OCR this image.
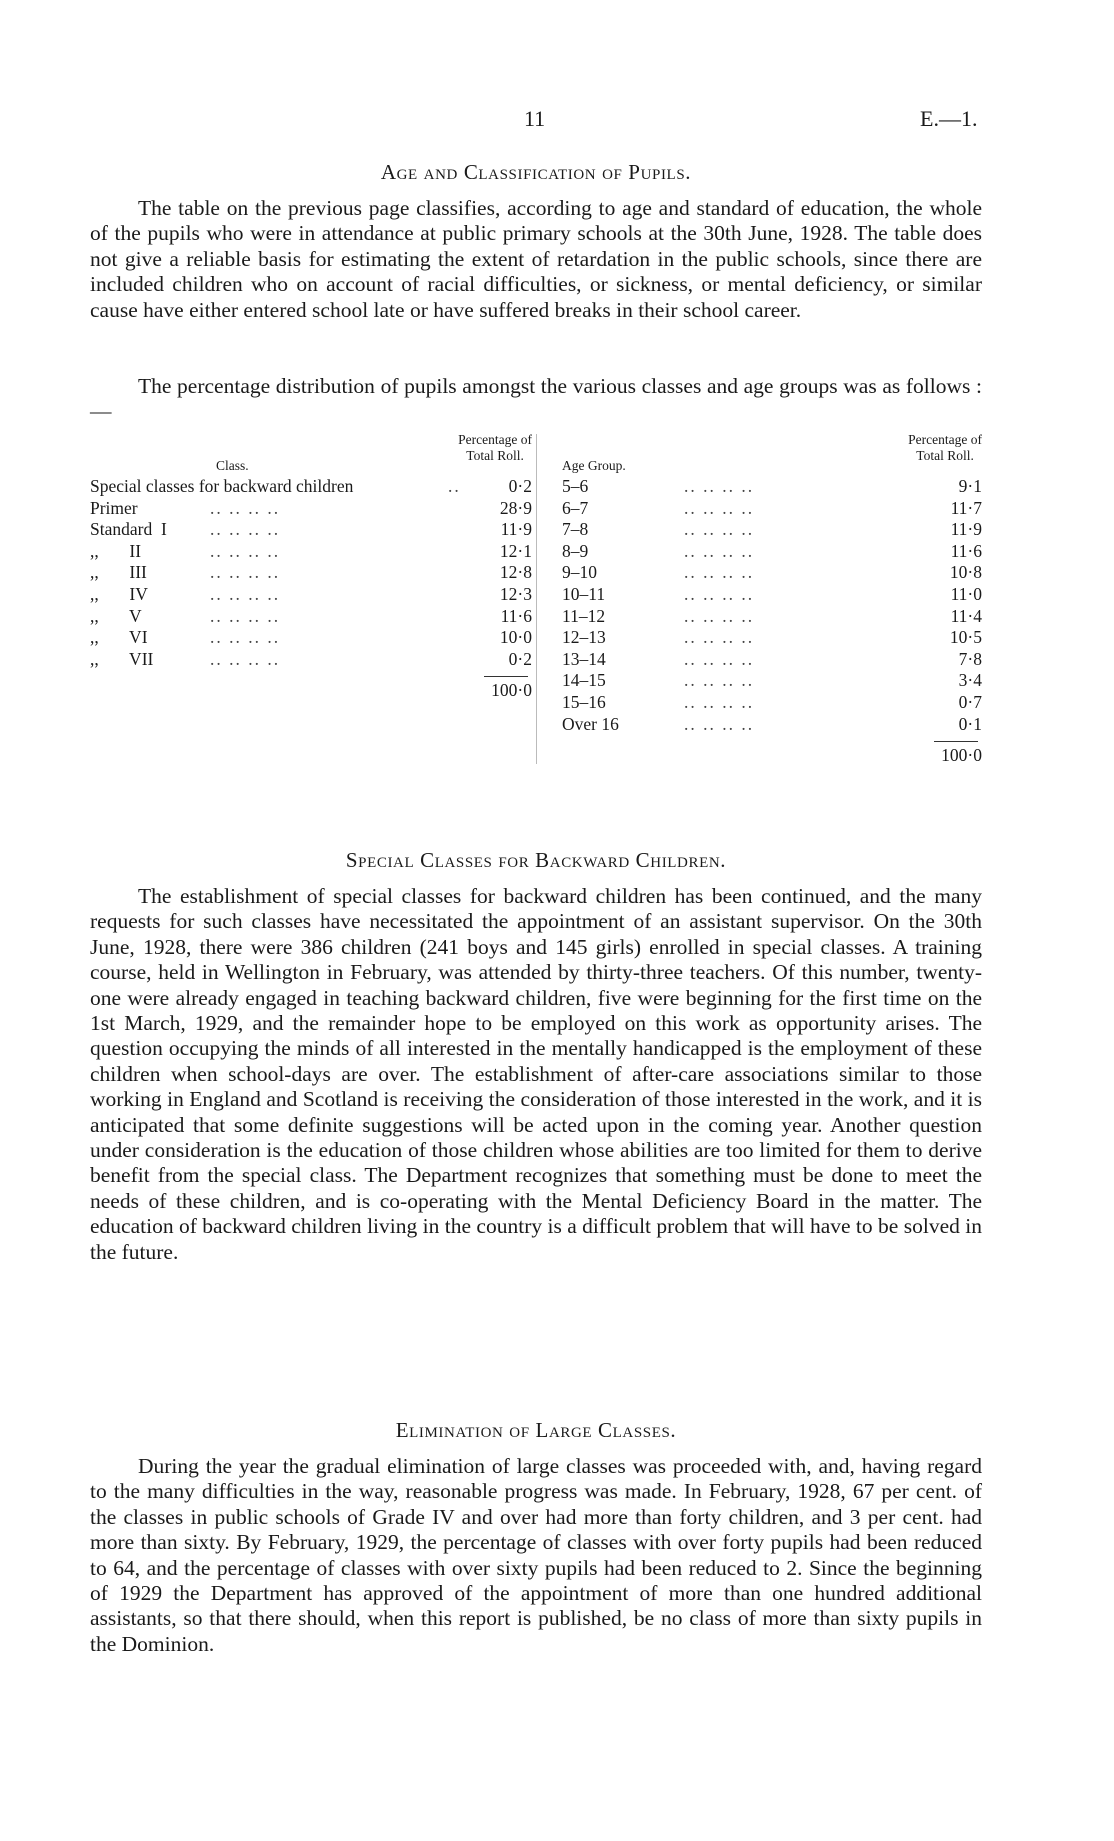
11	E.—1.
Age and Classification of Pupils.

The table on the previous page classifies, according to age and standard of education, the whole of the pupils who were in attendance at public primary schools at the 30th June, 1928. The table does not give a reliable basis for estimating the extent of retardation in the public schools, since there are included children who on account of racial difficulties, or sickness, or mental deficiency, or similar cause have either entered school late or have suffered breaks in their school career.

The percentage distribution of pupils amongst the various classes and age groups was as follows :—

Class.
Percentage of
Total Roll.
Special classes for backward children	..	0·2
Primer	.. .. .. ..	28·9
Standard  I .. .. .. ..	11·9
,,       II	.. .. .. ..	12·1
,,       III	.. .. .. ..	12·8
,,       IV	.. .. .. ..	12·3
,,       V	.. .. .. ..	11·6
,,       VI	.. .. .. ..	10·0
,,       VII	.. .. .. ..	0·2
100·0
Age Group.
Percentage of
Total Roll.
5–6	.. .. .. ..	9·1
6–7	.. .. .. ..	11·7
7–8	.. .. .. ..	11·9
8–9	.. .. .. ..	11·6
9–10	.. .. .. ..	10·8
10–11	.. .. .. ..	11·0
11–12	.. .. .. ..	11·4
12–13	.. .. .. ..	10·5
13–14	.. .. .. ..	7·8
14–15	.. .. .. ..	3·4
15–16	.. .. .. ..	0·7
Over 16	.. .. .. ..	0·1
100·0
Special Classes for Backward Children.

The establishment of special classes for backward children has been continued, and the many requests for such classes have necessitated the appointment of an assistant supervisor. On the 30th June, 1928, there were 386 children (241 boys and 145 girls) enrolled in special classes. A training course, held in Wellington in February, was attended by thirty-three teachers. Of this number, twenty-one were already engaged in teaching backward children, five were beginning for the first time on the 1st March, 1929, and the remainder hope to be employed on this work as opportunity arises. The question occupying the minds of all interested in the mentally handicapped is the employment of these children when school-days are over. The establishment of after-care associations similar to those working in England and Scotland is receiving the consideration of those interested in the work, and it is anticipated that some definite suggestions will be acted upon in the coming year. Another question under consideration is the education of those children whose abilities are too limited for them to derive benefit from the special class. The Department recognizes that something must be done to meet the needs of these children, and is co-operating with the Mental Deficiency Board in the matter. The education of backward children living in the country is a difficult problem that will have to be solved in the future.

Elimination of Large Classes.

During the year the gradual elimination of large classes was proceeded with, and, having regard to the many difficulties in the way, reasonable progress was made. In February, 1928, 67 per cent. of the classes in public schools of Grade IV and over had more than forty children, and 3 per cent. had more than sixty. By February, 1929, the percentage of classes with over forty pupils had been reduced to 64, and the percentage of classes with over sixty pupils had been reduced to 2. Since the beginning of 1929 the Department has approved of the appointment of more than one hundred additional assistants, so that there should, when this report is published, be no class of more than sixty pupils in the Dominion.
